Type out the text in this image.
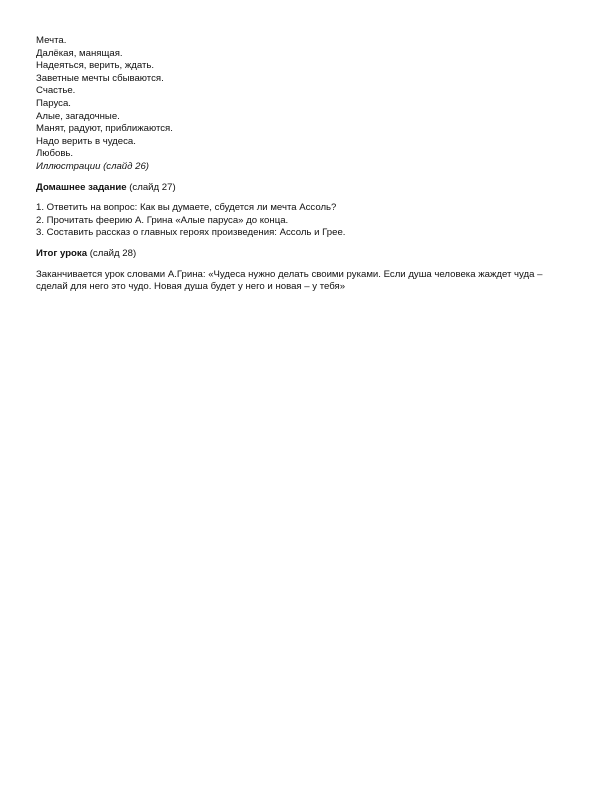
Мечта.
Далёкая, манящая.
Надеяться, верить, ждать.
Заветные мечты сбываются.
Счастье.
Паруса.
Алые, загадочные.
Манят, радуют, приближаются.
Надо верить в чудеса.
Любовь.
Иллюстрации (слайд 26)
Домашнее задание (слайд 27)
1. Ответить на вопрос: Как вы думаете, сбудется ли мечта Ассоль?
2. Прочитать феерию А. Грина «Алые паруса» до конца.
3. Составить рассказ о главных героях произведения: Ассоль и Грее.
Итог урока (слайд 28)
Заканчивается урок словами А.Грина: «Чудеса нужно делать своими руками. Если душа человека жаждет чуда – сделай для него это чудо. Новая душа будет у него и новая – у тебя»
